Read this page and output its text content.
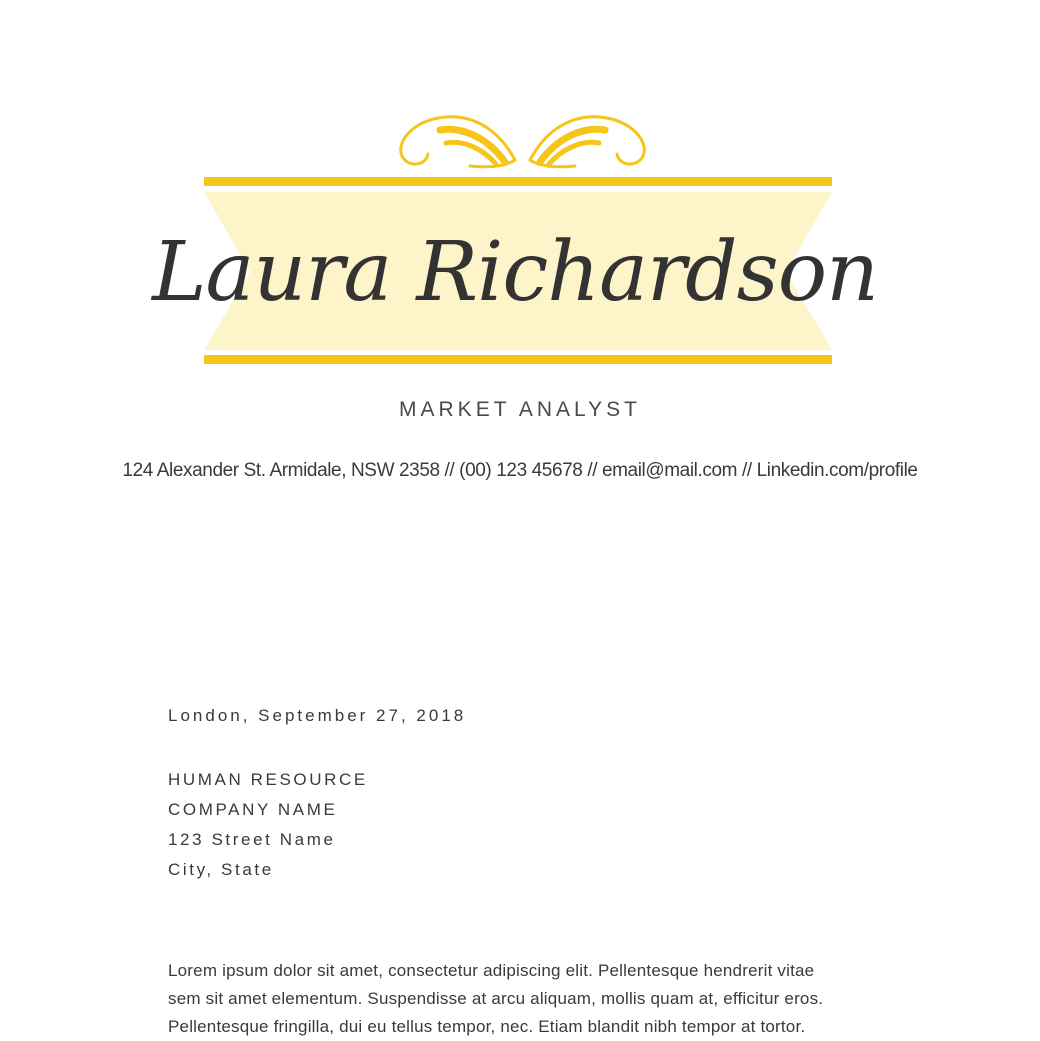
Laura Richardson
MARKET ANALYST
124 Alexander St. Armidale, NSW 2358 // (00) 123 45678 // email@mail.com // Linkedin.com/profile
London, September 27, 2018
HUMAN RESOURCE
COMPANY NAME
123 Street Name
City, State
Lorem ipsum dolor sit amet, consectetur adipiscing elit. Pellentesque hendrerit vitae
sem sit amet elementum. Suspendisse at arcu aliquam, mollis quam at, efficitur eros.
Pellentesque fringilla, dui eu tellus tempor, nec. Etiam blandit nibh tempor at tortor.
